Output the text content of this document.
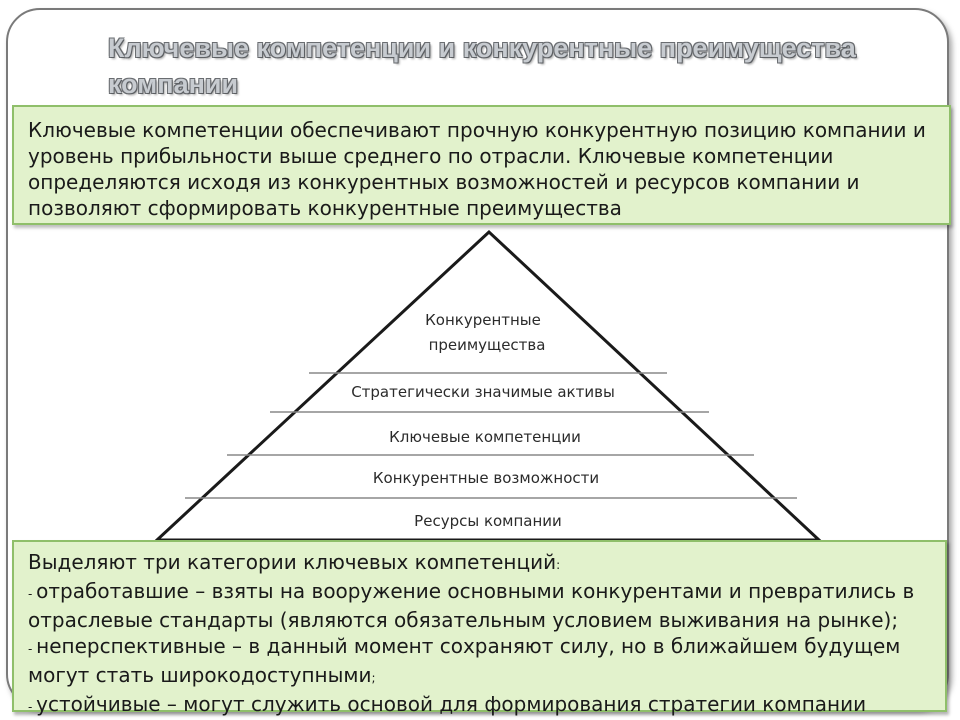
Ключевые компетенции и конкурентные преимущества
компании

Ключевые компетенции обеспечивают прочную конкурентную позицию компании и уровень прибыльности выше среднего по отрасли. Ключевые компетенции определяются исходя из конкурентных возможностей и ресурсов компании и позволяют сформировать конкурентные преимущества

Конкурентные
преимущества
Стратегически значимые активы
Ключевые компетенции
Конкурентные возможности
Ресурсы компании

Выделяют три категории ключевых компетенций:

- отработавшие – взяты на вооружение основными конкурентами и превратились в отраслевые стандарты (являются обязательным условием выживания на рынке);

- неперспективные – в данный момент сохраняют силу, но в ближайшем будущем могут стать широкодоступными;

- устойчивые – могут служить основой для формирования стратегии компании
